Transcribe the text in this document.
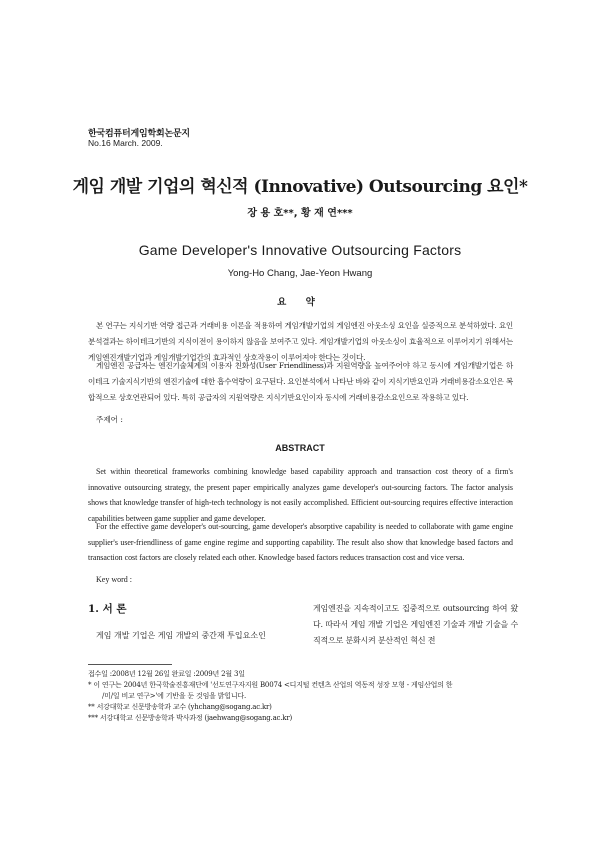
한국컴퓨터게임학회논문지
No.16 March. 2009.
게임 개발 기업의 혁신적 (Innovative) Outsourcing 요인*
장 용 호**, 황 재 연***
Game Developer's Innovative Outsourcing Factors
Yong-Ho Chang, Jae-Yeon Hwang
요 약
본 연구는 지식기반 역량 접근과 거래비용 이론을 적용하여 게임개발기업의 게임엔진 아웃소싱 요인을 실증적으로 분석하였다. 요인분석결과는 하이테크기반의 지식이전이 용이하지 않음을 보여주고 있다. 게임개발기업의 아웃소싱이 효율적으로 이루어지기 위해서는 게임엔진개발기업과 게임개발기업간의 효과적인 상호작용이 이루어져야 한다는 것이다.
게임엔진 공급자는 엔진기술체계의 이용자 친화성(User Friendliness)과 지원역량을 높여주어야 하고 동시에 게임개발기업은 하이테크 기술지식기반의 엔진기술에 대한 흡수역량이 요구된다. 요인분석에서 나타난 바와 같이 지식기반요인과 거래비용감소요인은 복합적으로 상호연관되어 있다. 특히 공급자의 지원역량은 지식기반요인이자 동시에 거래비용감소요인으로 작용하고 있다.
주제어 :
ABSTRACT
Set within theoretical frameworks combining knowledge based capability approach and transaction cost theory of a firm's innovative outsourcing strategy, the present paper empirically analyzes game developer's out-sourcing factors. The factor analysis shows that knowledge transfer of high-tech technology is not easily accomplished. Efficient out-sourcing requires effective interaction capabilities between game supplier and game developer.
For the effective game developer's out-sourcing, game developer's absorptive capability is needed to collaborate with game engine supplier's user-friendliness of game engine regime and supporting capability. The result also show that knowledge based factors and transaction cost factors are closely related each other. Knowledge based factors reduces transaction cost and vice versa.
Key word :
1. 서 론
게임 개발 기업은 게임 개발의 중간재 투입요소인
게임엔진을 지속적이고도 집중적으로 outsourcing 하여 왔다. 따라서 게임 개발 기업은 게임엔진 기술과 개발 기술을 수직적으로 분화시켜 분산적인 혁신 전
접수일 :2008년 12월 26일 완료일 :2009년 2월 3일
* 이 연구는 2004년 한국학술진흥재단에 '선도연구자지원 B0074 <디지털 컨텐츠 산업의 역동적 성장 모형 - 게임산업의 한
/미/일 비교 연구>'에 기반을 둔 것임을 밝힙니다.
** 서강대학교 신문방송학과 교수 (yhchang@sogang.ac.kr)
*** 서강대학교 신문방송학과 박사과정 (jaehwang@sogang.ac.kr)
